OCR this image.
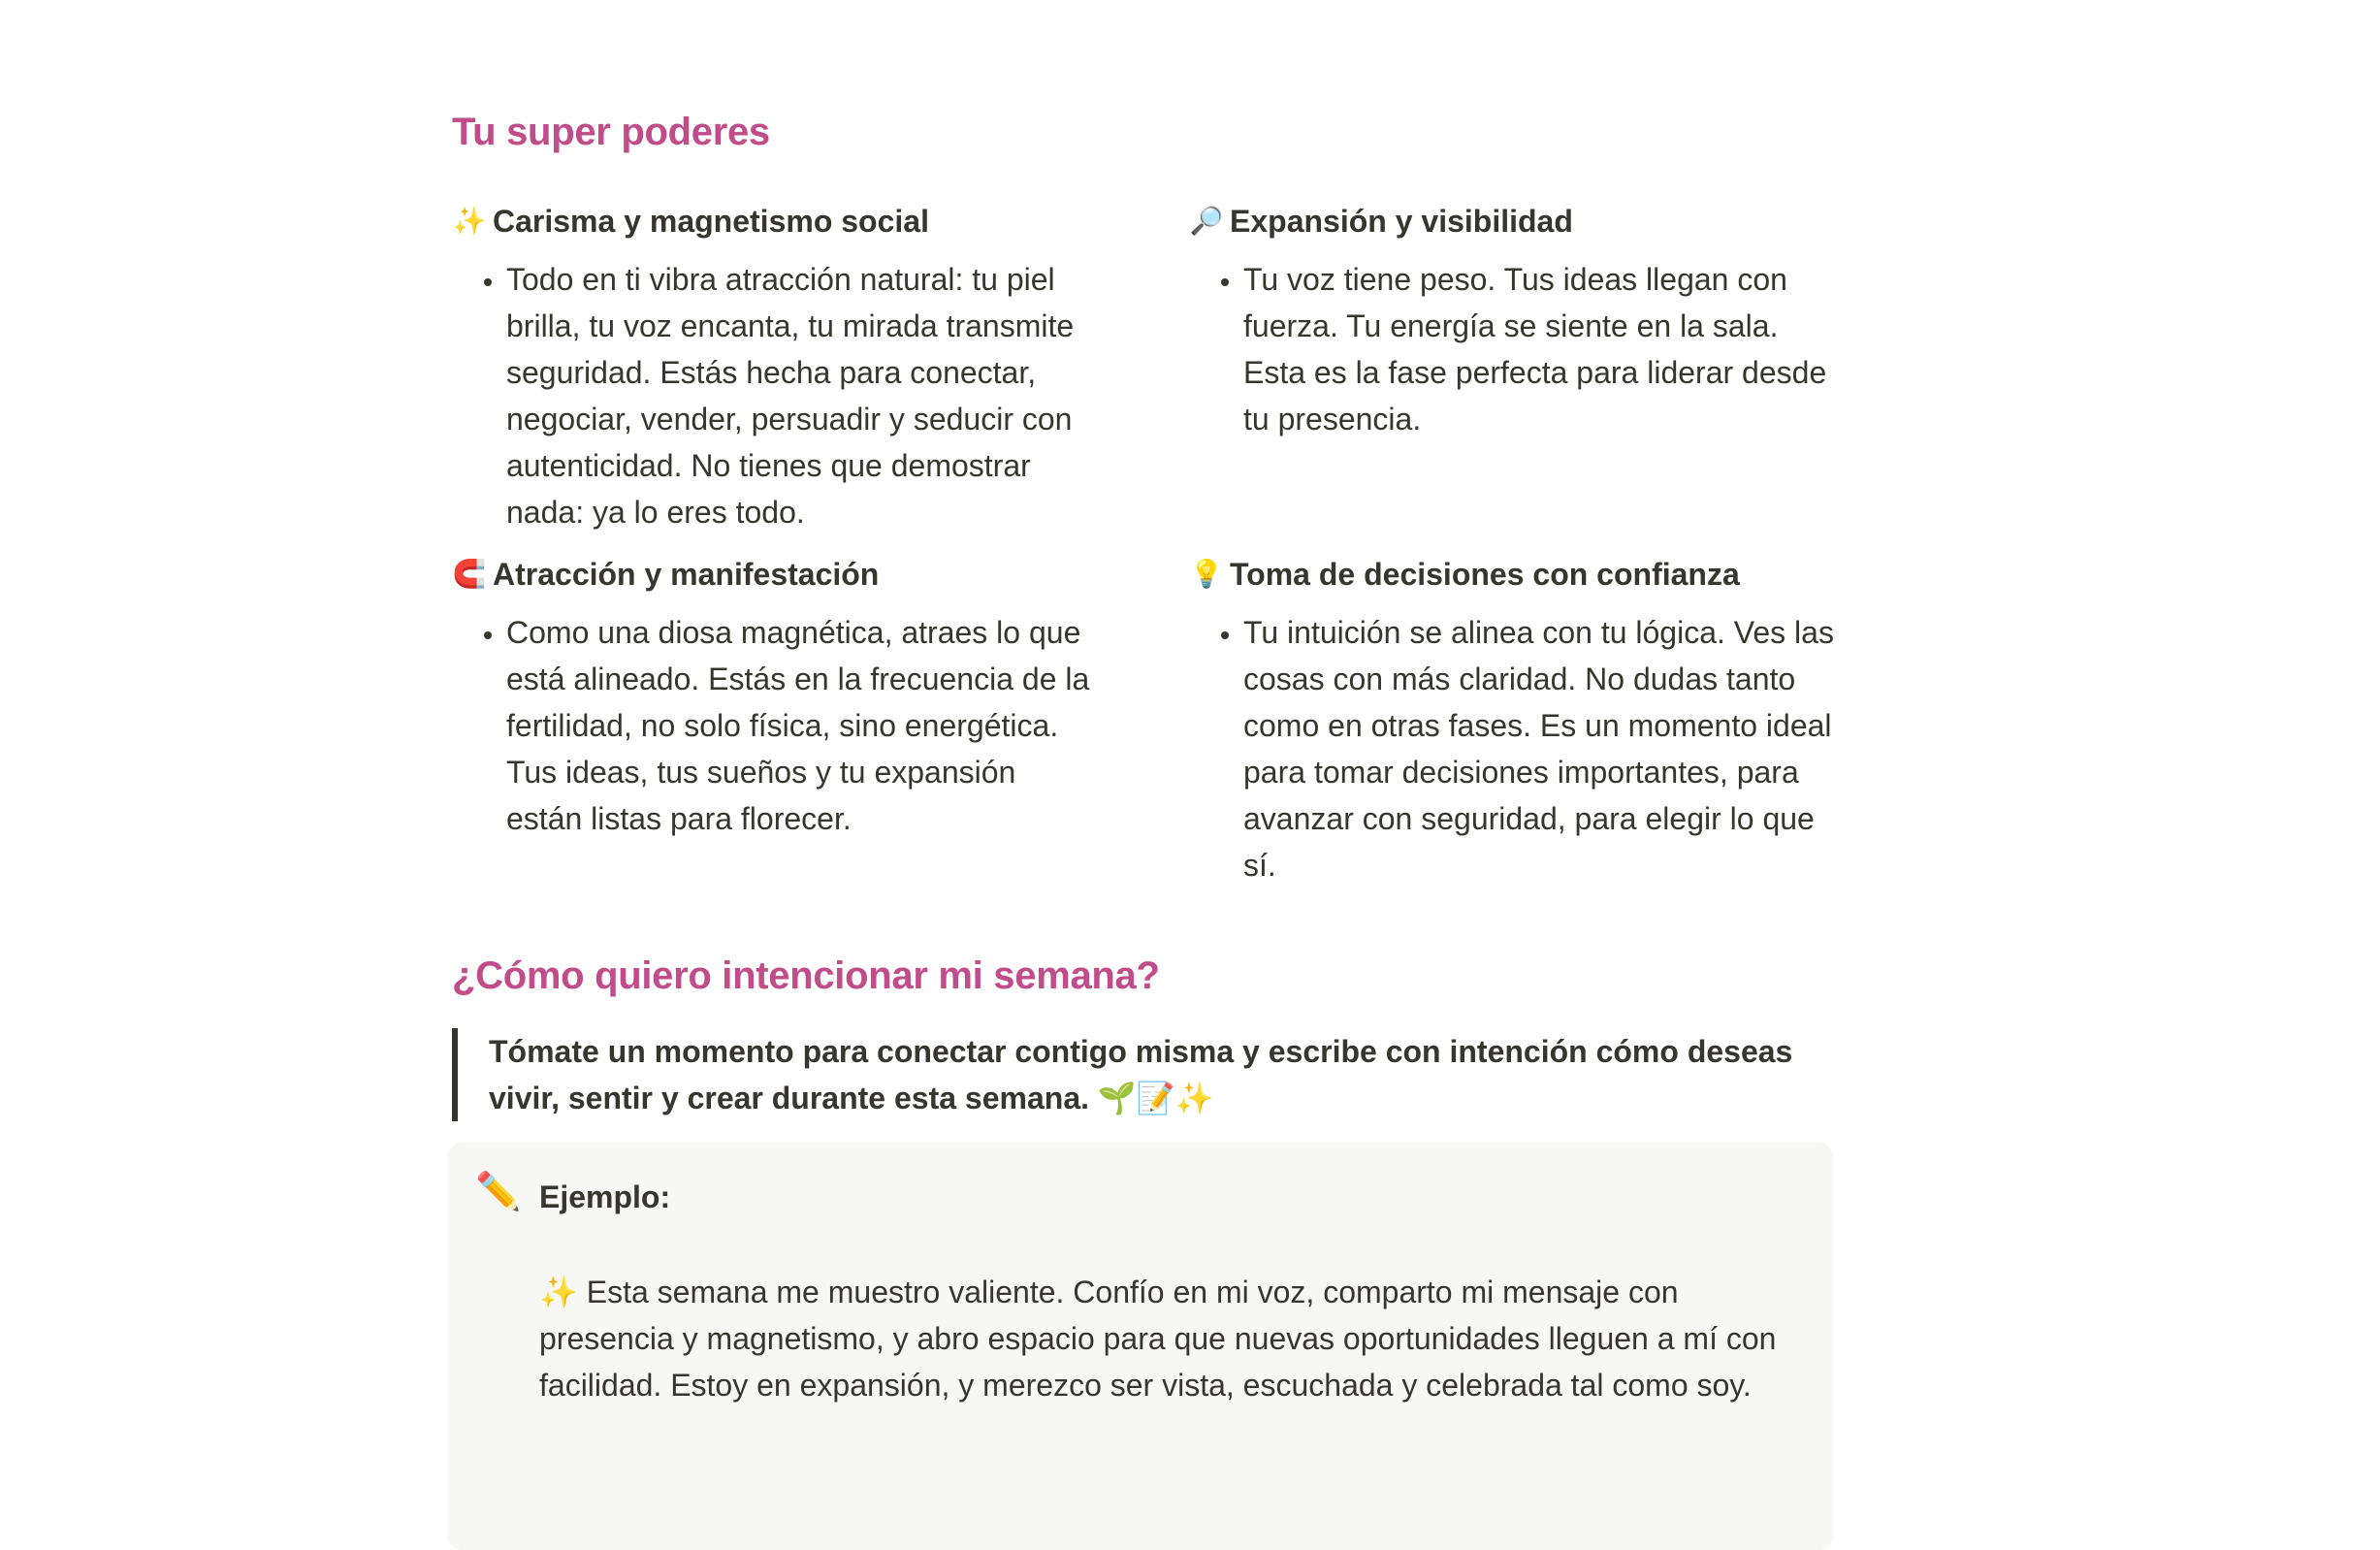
Tu super poderes
✨ Carisma y magnetismo social
• Todo en ti vibra atracción natural: tu piel brilla, tu voz encanta, tu mirada transmite seguridad. Estás hecha para conectar, negociar, vender, persuadir y seducir con autenticidad. No tienes que demostrar nada: ya lo eres todo.
🔎 Expansión y visibilidad
• Tu voz tiene peso. Tus ideas llegan con fuerza. Tu energía se siente en la sala. Esta es la fase perfecta para liderar desde tu presencia.
🧲 Atracción y manifestación
• Como una diosa magnética, atraes lo que está alineado. Estás en la frecuencia de la fertilidad, no solo física, sino energética. Tus ideas, tus sueños y tu expansión están listas para florecer.
💡 Toma de decisiones con confianza
• Tu intuición se alinea con tu lógica. Ves las cosas con más claridad. No dudas tanto como en otras fases. Es un momento ideal para tomar decisiones importantes, para avanzar con seguridad, para elegir lo que sí.
¿Cómo quiero intencionar mi semana?
Tómate un momento para conectar contigo misma y escribe con intención cómo deseas vivir, sentir y crear durante esta semana. 🌱📝✨
✏️ Ejemplo:

✨ Esta semana me muestro valiente. Confío en mi voz, comparto mi mensaje con presencia y magnetismo, y abro espacio para que nuevas oportunidades lleguen a mí con facilidad. Estoy en expansión, y merezco ser vista, escuchada y celebrada tal como soy.
